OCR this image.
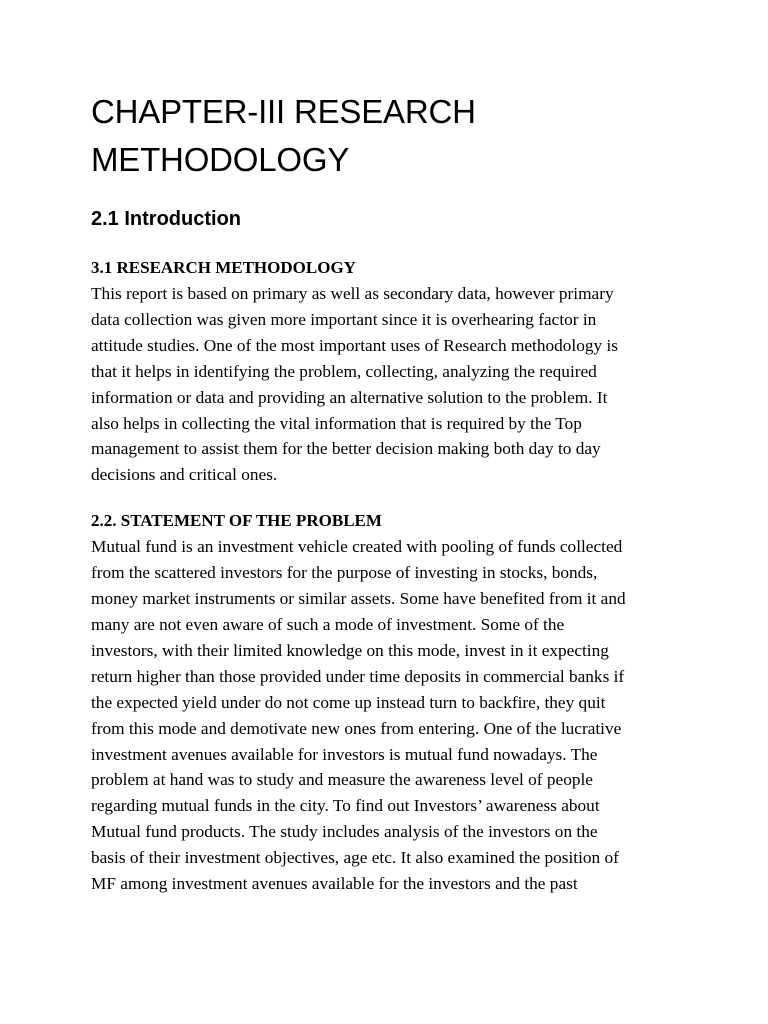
CHAPTER-III RESEARCH
METHODOLOGY
2.1 Introduction
3.1 RESEARCH METHODOLOGY

This report is based on primary as well as secondary data, however primary
data collection was given more important since it is overhearing factor in
attitude studies. One of the most important uses of Research methodology is
that it helps in identifying the problem, collecting, analyzing the required
information or data and providing an alternative solution to the problem. It
also helps in collecting the vital information that is required by the Top
management to assist them for the better decision making both day to day
decisions and critical ones.

2.2. STATEMENT OF THE PROBLEM

Mutual fund is an investment vehicle created with pooling of funds collected
from the scattered investors for the purpose of investing in stocks, bonds,
money market instruments or similar assets. Some have benefited from it and
many are not even aware of such a mode of investment. Some of the
investors, with their limited knowledge on this mode, invest in it expecting
return higher than those provided under time deposits in commercial banks if
the expected yield under do not come up instead turn to backfire, they quit
from this mode and demotivate new ones from entering. One of the lucrative
investment avenues available for investors is mutual fund nowadays. The
problem at hand was to study and measure the awareness level of people
regarding mutual funds in the city. To find out Investors’ awareness about
Mutual fund products. The study includes analysis of the investors on the
basis of their investment objectives, age etc. It also examined the position of
MF among investment avenues available for the investors and the past
